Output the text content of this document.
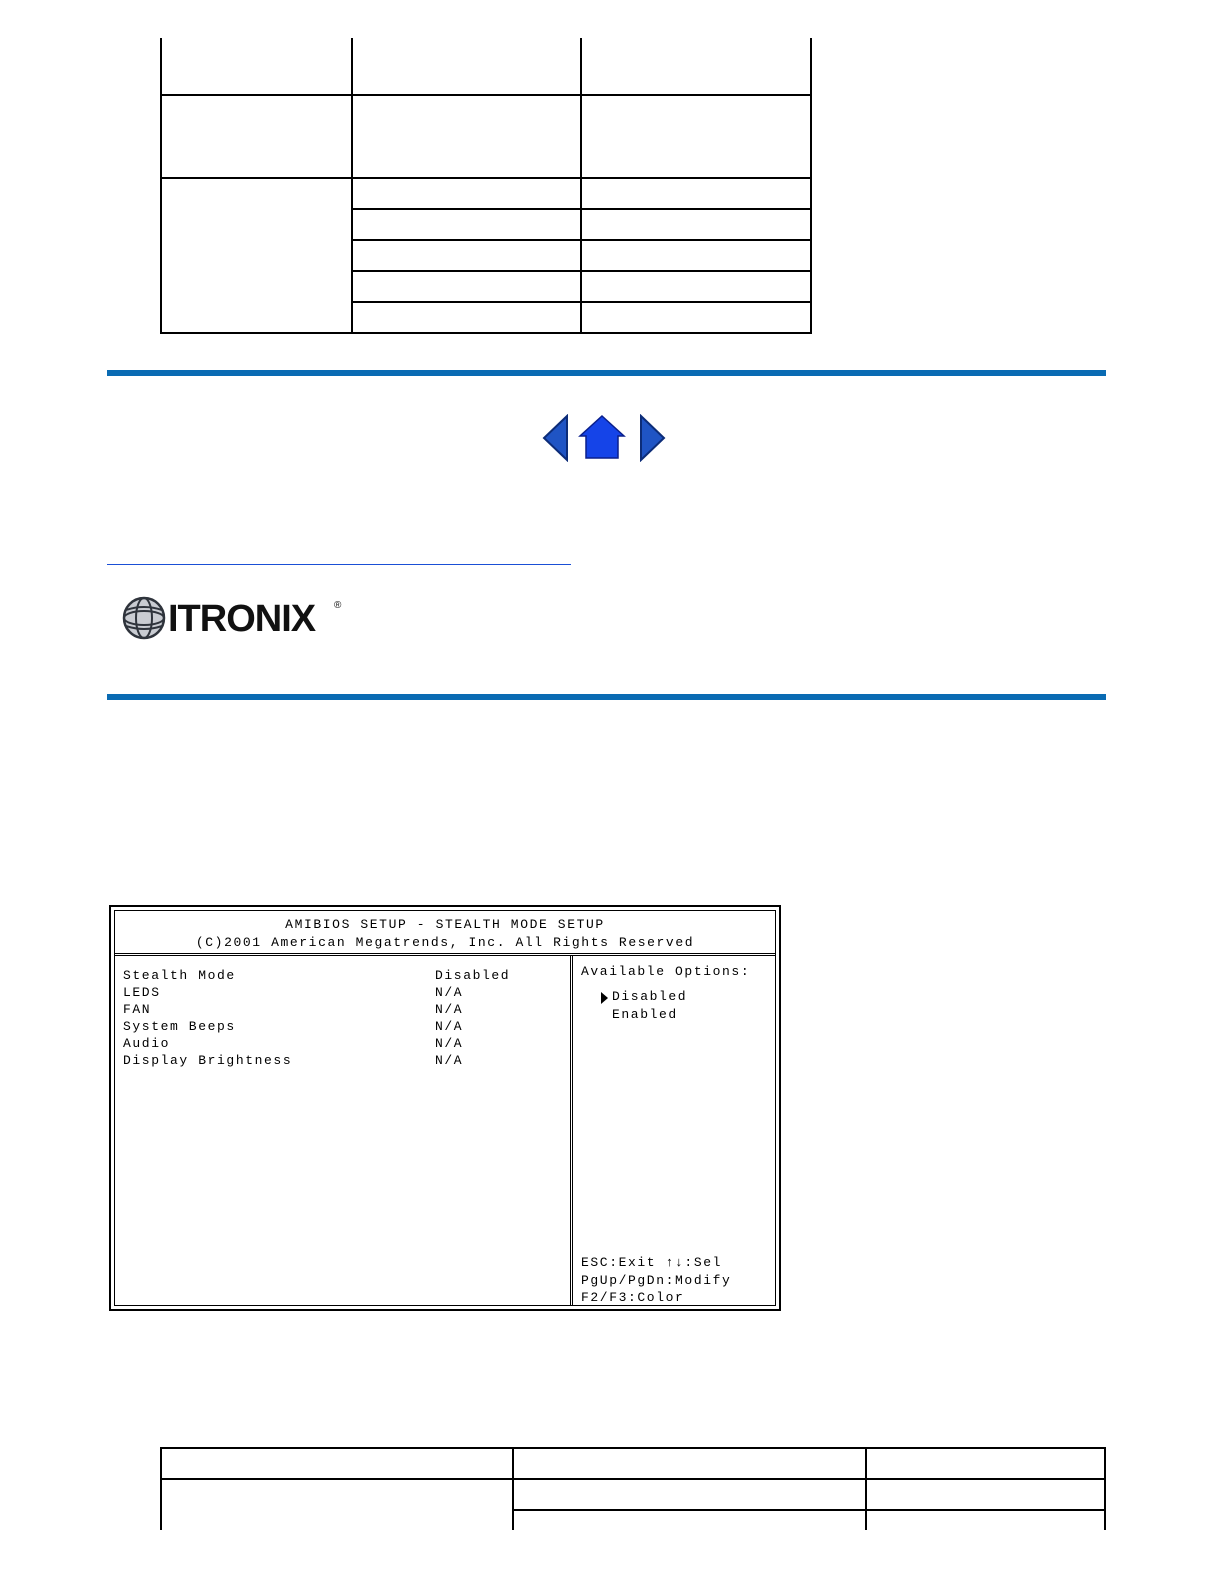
ITRONIX ®
AMIBIOS SETUP - STEALTH MODE SETUP
(C)2001 American Megatrends, Inc. All Rights Reserved
Stealth Mode	Disabled
LEDS	N/A
FAN	N/A
System Beeps	N/A
Audio	N/A
Display Brightness	N/A
Available Options:
Disabled
Enabled
ESC:Exit ↑↓:Sel
PgUp/PgDn:Modify
F2/F3:Color
